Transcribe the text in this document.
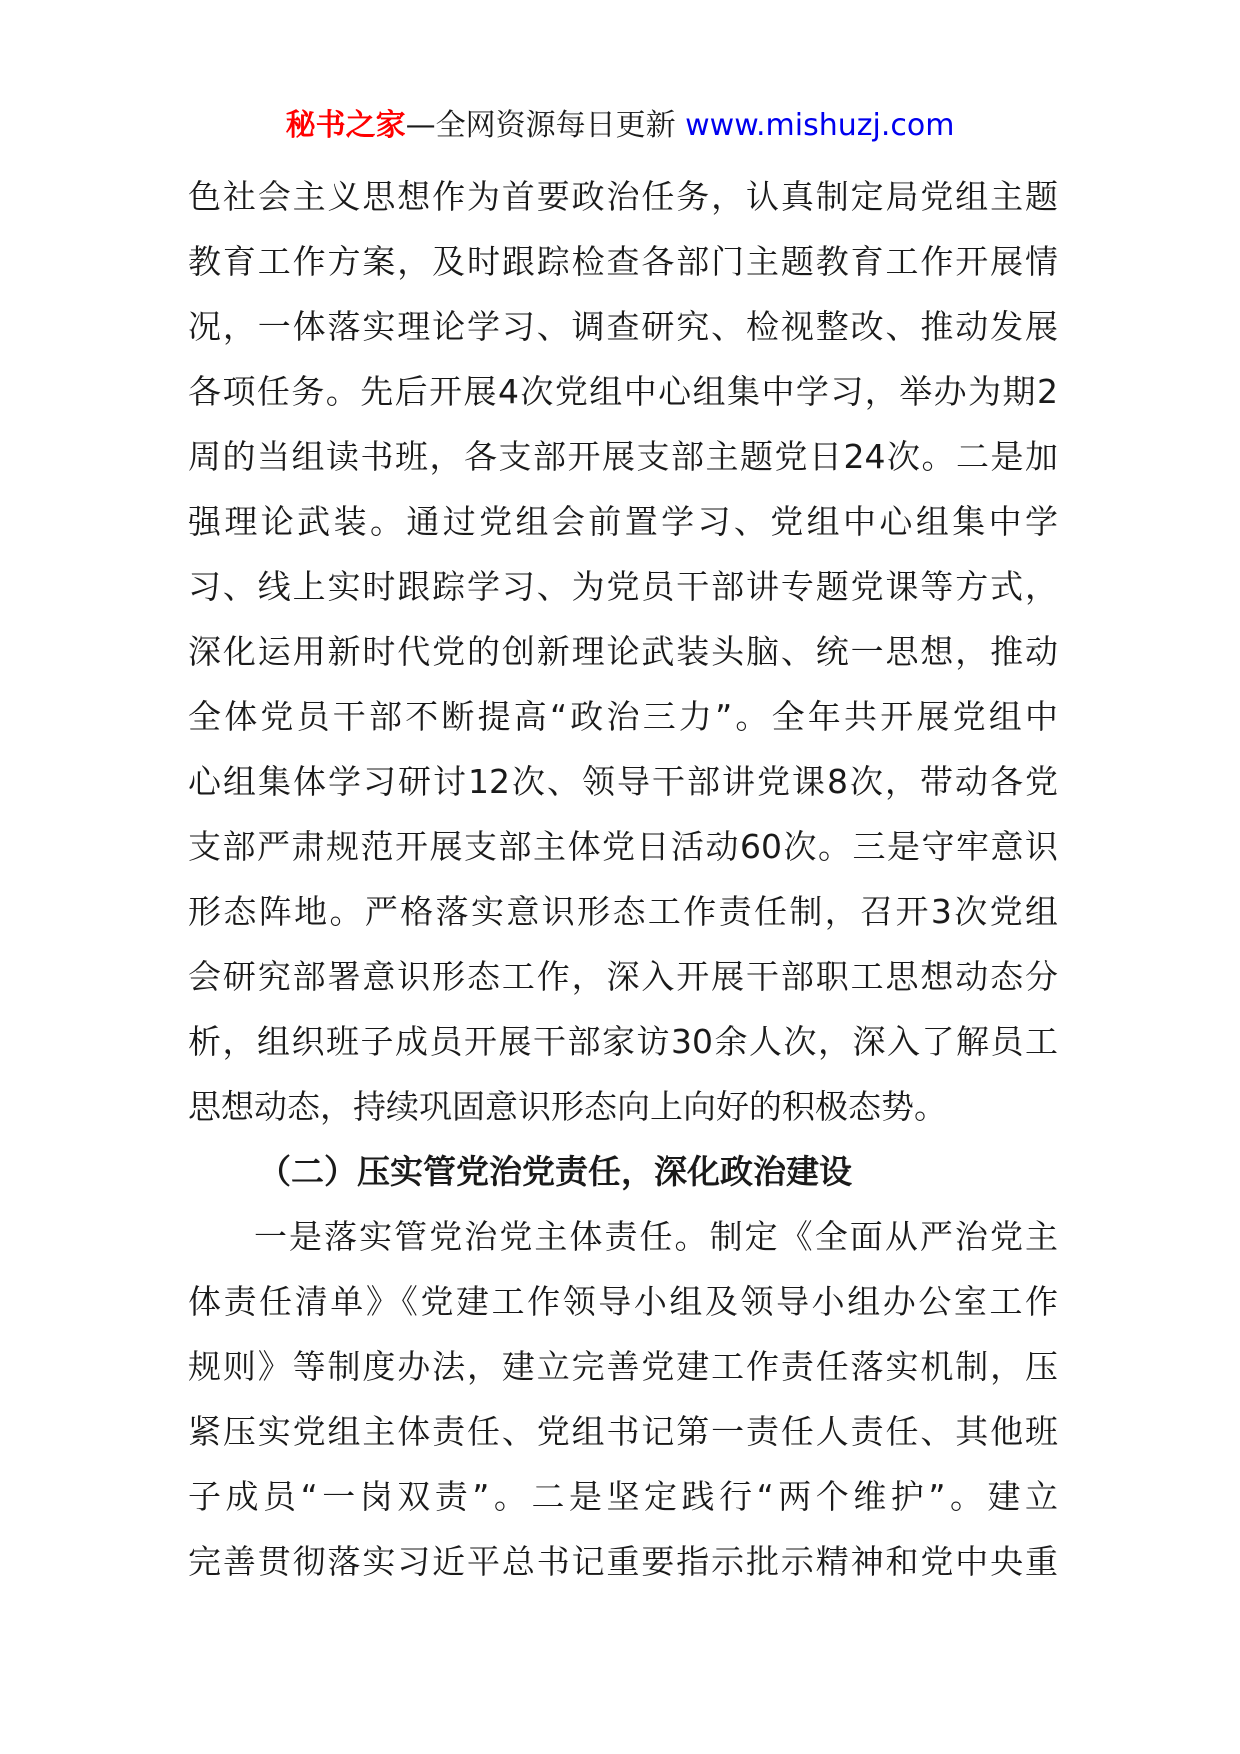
秘书之家—全网资源每日更新 www.mishuzj.com
色社会主义思想作为首要政治任务，认真制定局党组主题
教育工作方案，及时跟踪检查各部门主题教育工作开展情
况，一体落实理论学习、调查研究、检视整改、推动发展
各项任务。先后开展4次党组中心组集中学习，举办为期2
周的当组读书班，各支部开展支部主题党日24次。二是加
强理论武装。通过党组会前置学习、党组中心组集中学
习、线上实时跟踪学习、为党员干部讲专题党课等方式，
深化运用新时代党的创新理论武装头脑、统一思想，推动
全体党员干部不断提高“政治三力”。全年共开展党组中
心组集体学习研讨12次、领导干部讲党课8次，带动各党
支部严肃规范开展支部主体党日活动60次。三是守牢意识
形态阵地。严格落实意识形态工作责任制，召开3次党组
会研究部署意识形态工作，深入开展干部职工思想动态分
析，组织班子成员开展干部家访30余人次，深入了解员工
思想动态，持续巩固意识形态向上向好的积极态势。
（二）压实管党治党责任，深化政治建设
一是落实管党治党主体责任。制定《全面从严治党主
体责任清单》《党建工作领导小组及领导小组办公室工作
规则》等制度办法，建立完善党建工作责任落实机制，压
紧压实党组主体责任、党组书记第一责任人责任、其他班
子成员“一岗双责”。二是坚定践行“两个维护”。建立
完善贯彻落实习近平总书记重要指示批示精神和党中央重
